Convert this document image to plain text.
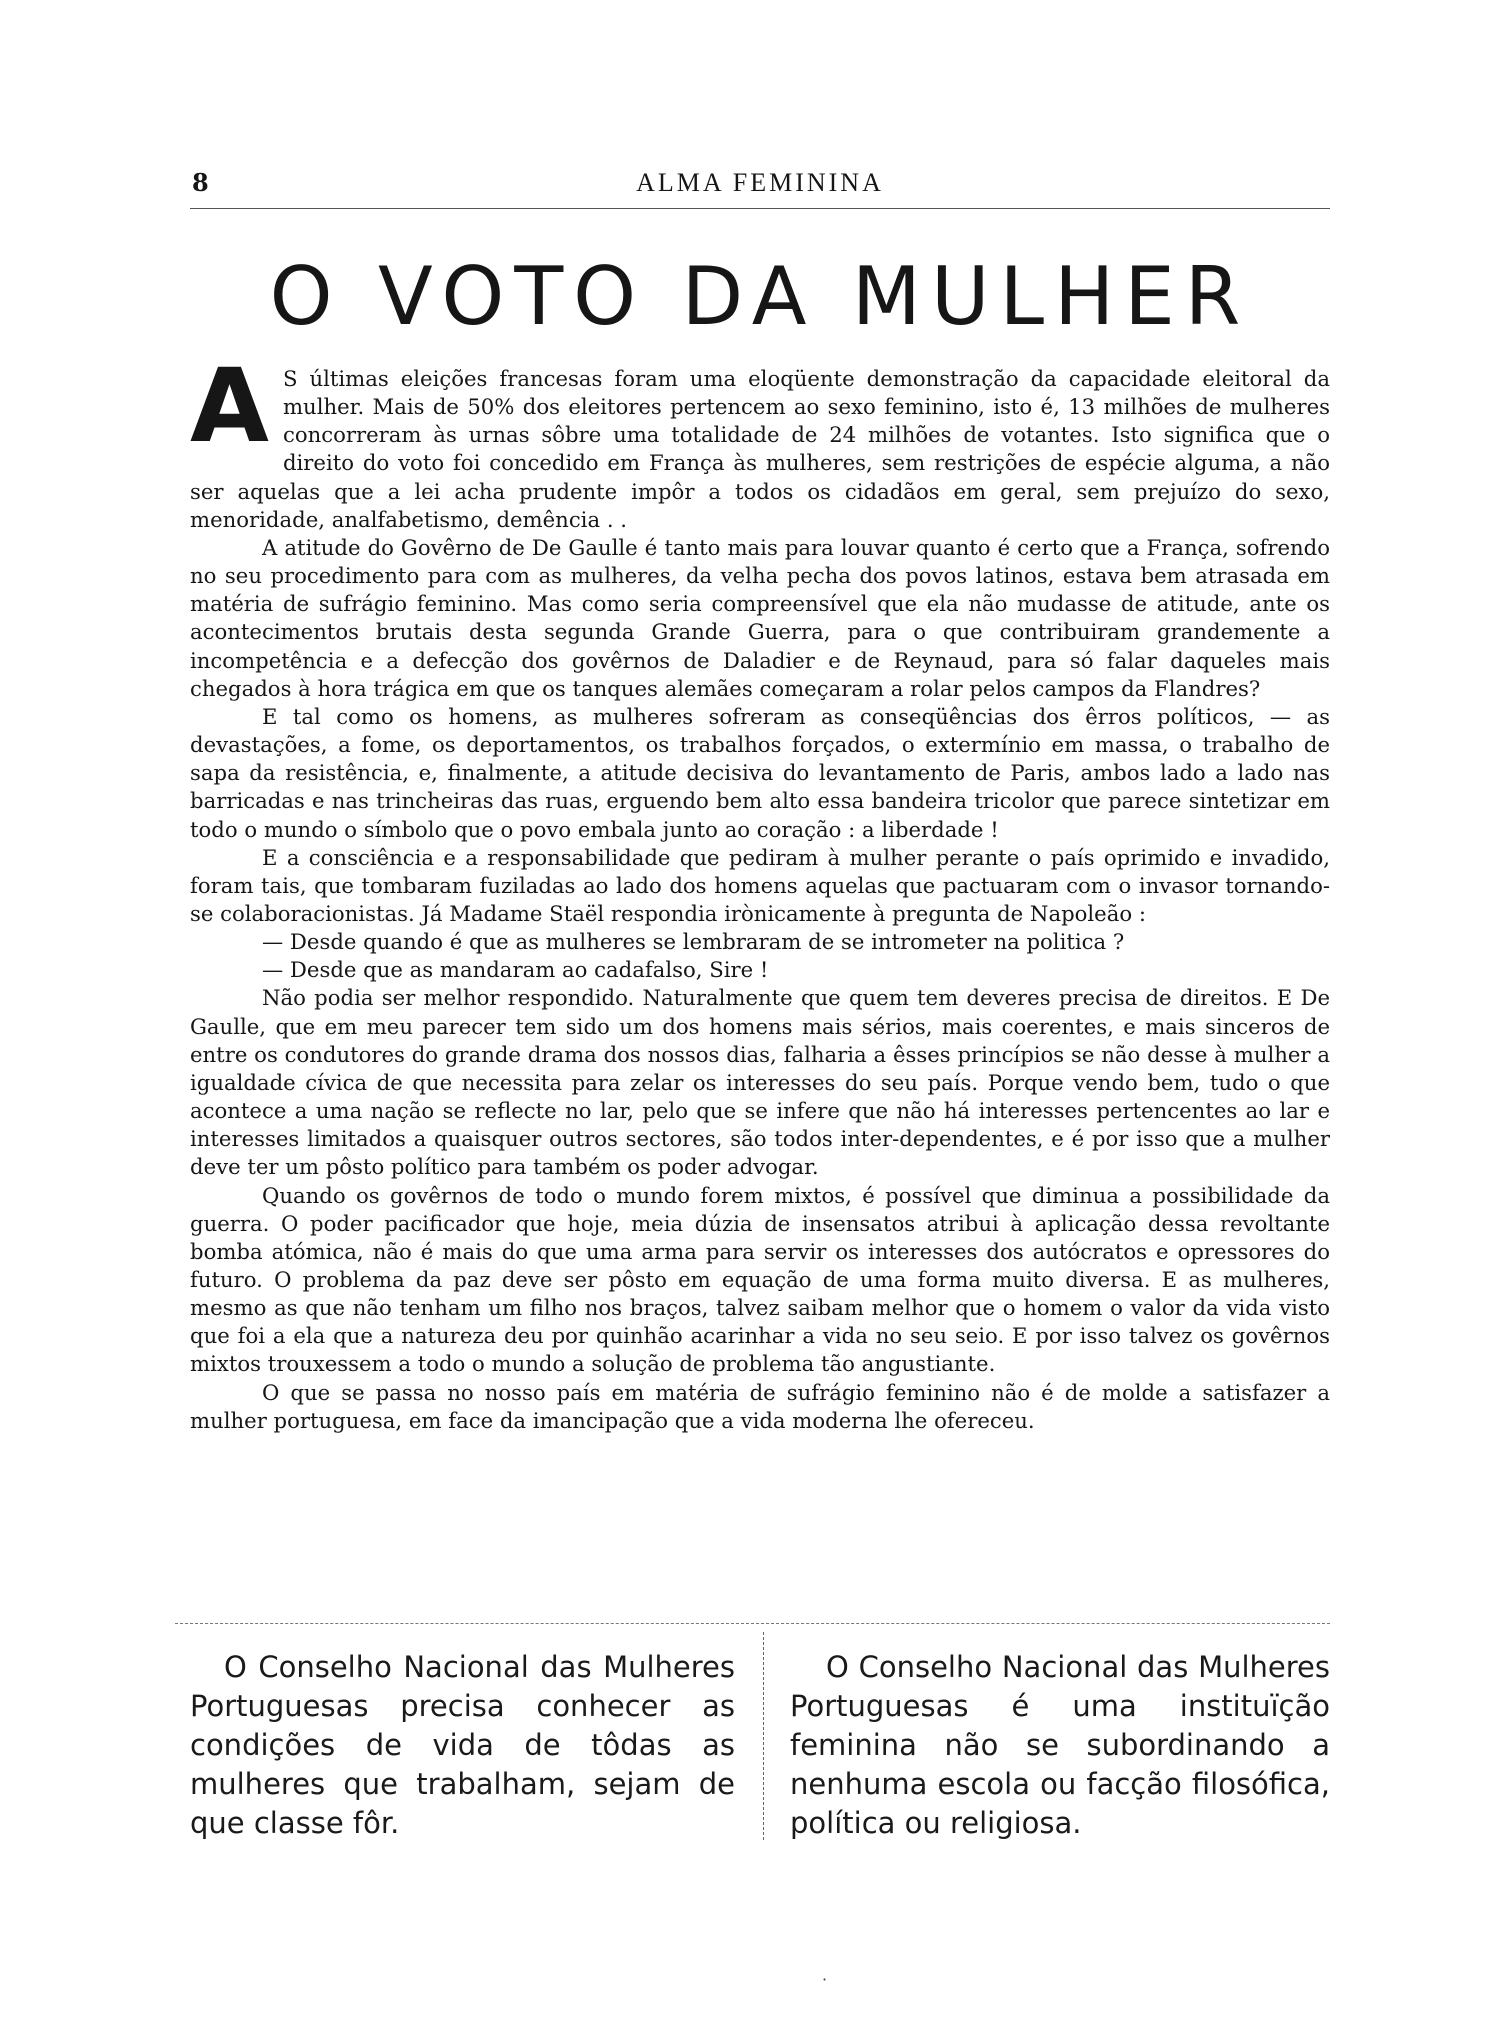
8	ALMA FEMININA
O VOTO DA MULHER

A S últimas eleições francesas foram uma eloqüente demonstração da capacidade eleitoral da mulher. Mais de 50% dos eleitores pertencem ao sexo feminino, isto é, 13 milhões de mulheres concorreram às urnas sôbre uma totalidade de 24 milhões de votantes. Isto significa que o direito do voto foi concedido em França às mulheres, sem restrições de espécie alguma, a não ser aquelas que a lei acha prudente impôr a todos os cidadãos em geral, sem prejuízo do sexo, menoridade, analfabetismo, demência . .

A atitude do Govêrno de De Gaulle é tanto mais para louvar quanto é certo que a França, sofrendo no seu procedimento para com as mulheres, da velha pecha dos povos latinos, estava bem atrasada em matéria de sufrágio feminino. Mas como seria compreensível que ela não mudasse de atitude, ante os acontecimentos brutais desta segunda Grande Guerra, para o que contribuiram grandemente a incompetência e a defecção dos govêrnos de Daladier e de Reynaud, para só falar daqueles mais chegados à hora trágica em que os tanques alemães começaram a rolar pelos campos da Flandres?

E tal como os homens, as mulheres sofreram as conseqüências dos êrros políticos, — as devastações, a fome, os deportamentos, os trabalhos forçados, o extermínio em massa, o trabalho de sapa da resistência, e, finalmente, a atitude decisiva do levantamento de Paris, ambos lado a lado nas barricadas e nas trincheiras das ruas, erguendo bem alto essa bandeira tricolor que parece sintetizar em todo o mundo o símbolo que o povo embala junto ao coração : a liberdade !

E a consciência e a responsabilidade que pediram à mulher perante o país oprimido e invadido, foram tais, que tombaram fuziladas ao lado dos homens aquelas que pactuaram com o invasor tornando-se colaboracionistas. Já Madame Staël respondia irònicamente à pregunta de Napoleão :

— Desde quando é que as mulheres se lembraram de se intrometer na politica ?

— Desde que as mandaram ao cadafalso, Sire !

Não podia ser melhor respondido. Naturalmente que quem tem deveres precisa de direitos. E De Gaulle, que em meu parecer tem sido um dos homens mais sérios, mais coerentes, e mais sinceros de entre os condutores do grande drama dos nossos dias, falharia a êsses princípios se não desse à mulher a igualdade cívica de que necessita para zelar os interesses do seu país. Porque vendo bem, tudo o que acontece a uma nação se reflecte no lar, pelo que se infere que não há interesses pertencentes ao lar e interesses limitados a quaisquer outros sectores, são todos inter-dependentes, e é por isso que a mulher deve ter um pôsto político para também os poder advogar.

Quando os govêrnos de todo o mundo forem mixtos, é possível que diminua a possibilidade da guerra. O poder pacificador que hoje, meia dúzia de insensatos atribui à aplicação dessa revoltante bomba atómica, não é mais do que uma arma para servir os interesses dos autócratos e opressores do futuro. O problema da paz deve ser pôsto em equação de uma forma muito diversa. E as mulheres, mesmo as que não tenham um filho nos braços, talvez saibam melhor que o homem o valor da vida visto que foi a ela que a natureza deu por quinhão acarinhar a vida no seu seio. E por isso talvez os govêrnos mixtos trouxessem a todo o mundo a solução de problema tão angustiante.

O que se passa no nosso país em matéria de sufrágio feminino não é de molde a satisfazer a mulher portuguesa, em face da imancipação que a vida moderna lhe ofereceu.

O Conselho Nacional das Mulheres Portuguesas precisa conhecer as condições de vida de tôdas as mulheres que trabalham, sejam de que classe fôr.
O Conselho Nacional das Mulheres Portuguesas é uma instituïção feminina não se subordinando a nenhuma escola ou facção filosófica, política ou religiosa.
·
